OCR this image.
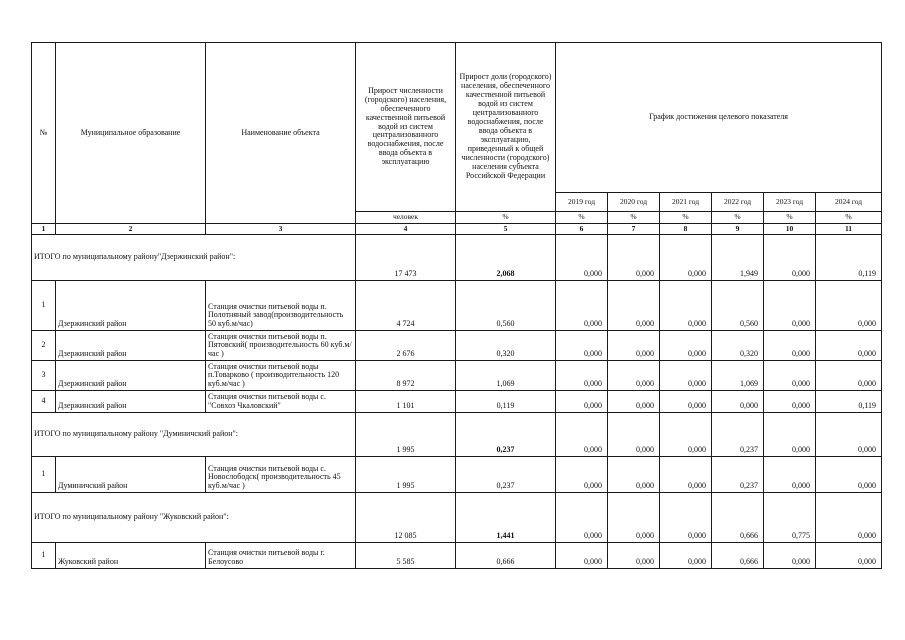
№	Муниципальное образование	Наименование объекта	Прирост численности (городского) населения, обеспеченного качественной питьевой водой из систем централизованного водоснабжения, после ввода объекта в эксплуатацию	Прирост доли (городского) населения, обеспеченного качественной питьевой водой из систем централизованного водоснабжения, после ввода объекта в эксплуатацию, приведенный к общей численности (городского) населения субъекта Российской Федерации	График достижения целевого показателя					
					2019 год	2020 год	2021 год	2022 год	2023 год	2024 год
			человек	%	%	%	%	%	%	%
1	2	3	4	5	6	7	8	9	10	11
ИТОГО по муниципальному району"Дзержинский район":			17 473	2,068	0,000	0,000	0,000	1,949	0,000	0,119
1	Дзержинский район	Станция очистки питьевой воды п. Полотняный завод(производительность 50 куб.м/час)	4 724	0,560	0,000	0,000	0,000	0,560	0,000	0,000
2	Дзержинский район	Станция очистки питьевой воды п. Пятовский( производительность 60 куб.м/час )	2 676	0,320	0,000	0,000	0,000	0,320	0,000	0,000
3	Дзержинский район	Станция очистки питьевой воды п.Товарково ( производительность 120 куб.м/час )	8 972	1,069	0,000	0,000	0,000	1,069	0,000	0,000
4	Дзержинский район	Станция очистки питьевой воды с. "Совхоз Чкаловский"	1 101	0,119	0,000	0,000	0,000	0,000	0,000	0,119
ИТОГО по муниципальному району "Думиничский район":			1 995	0,237	0,000	0,000	0,000	0,237	0,000	0,000
1	Думиничский район	Станция очистки питьевой воды с. Новослободск( производительность 45 куб.м/час )	1 995	0,237	0,000	0,000	0,000	0,237	0,000	0,000
ИТОГО по муниципальному району "Жуковский район":			12 085	1,441	0,000	0,000	0,000	0,666	0,775	0,000
1	Жуковский район	Станция очистки питьевой воды г. Белоусово	5 585	0,666	0,000	0,000	0,000	0,666	0,000	0,000
